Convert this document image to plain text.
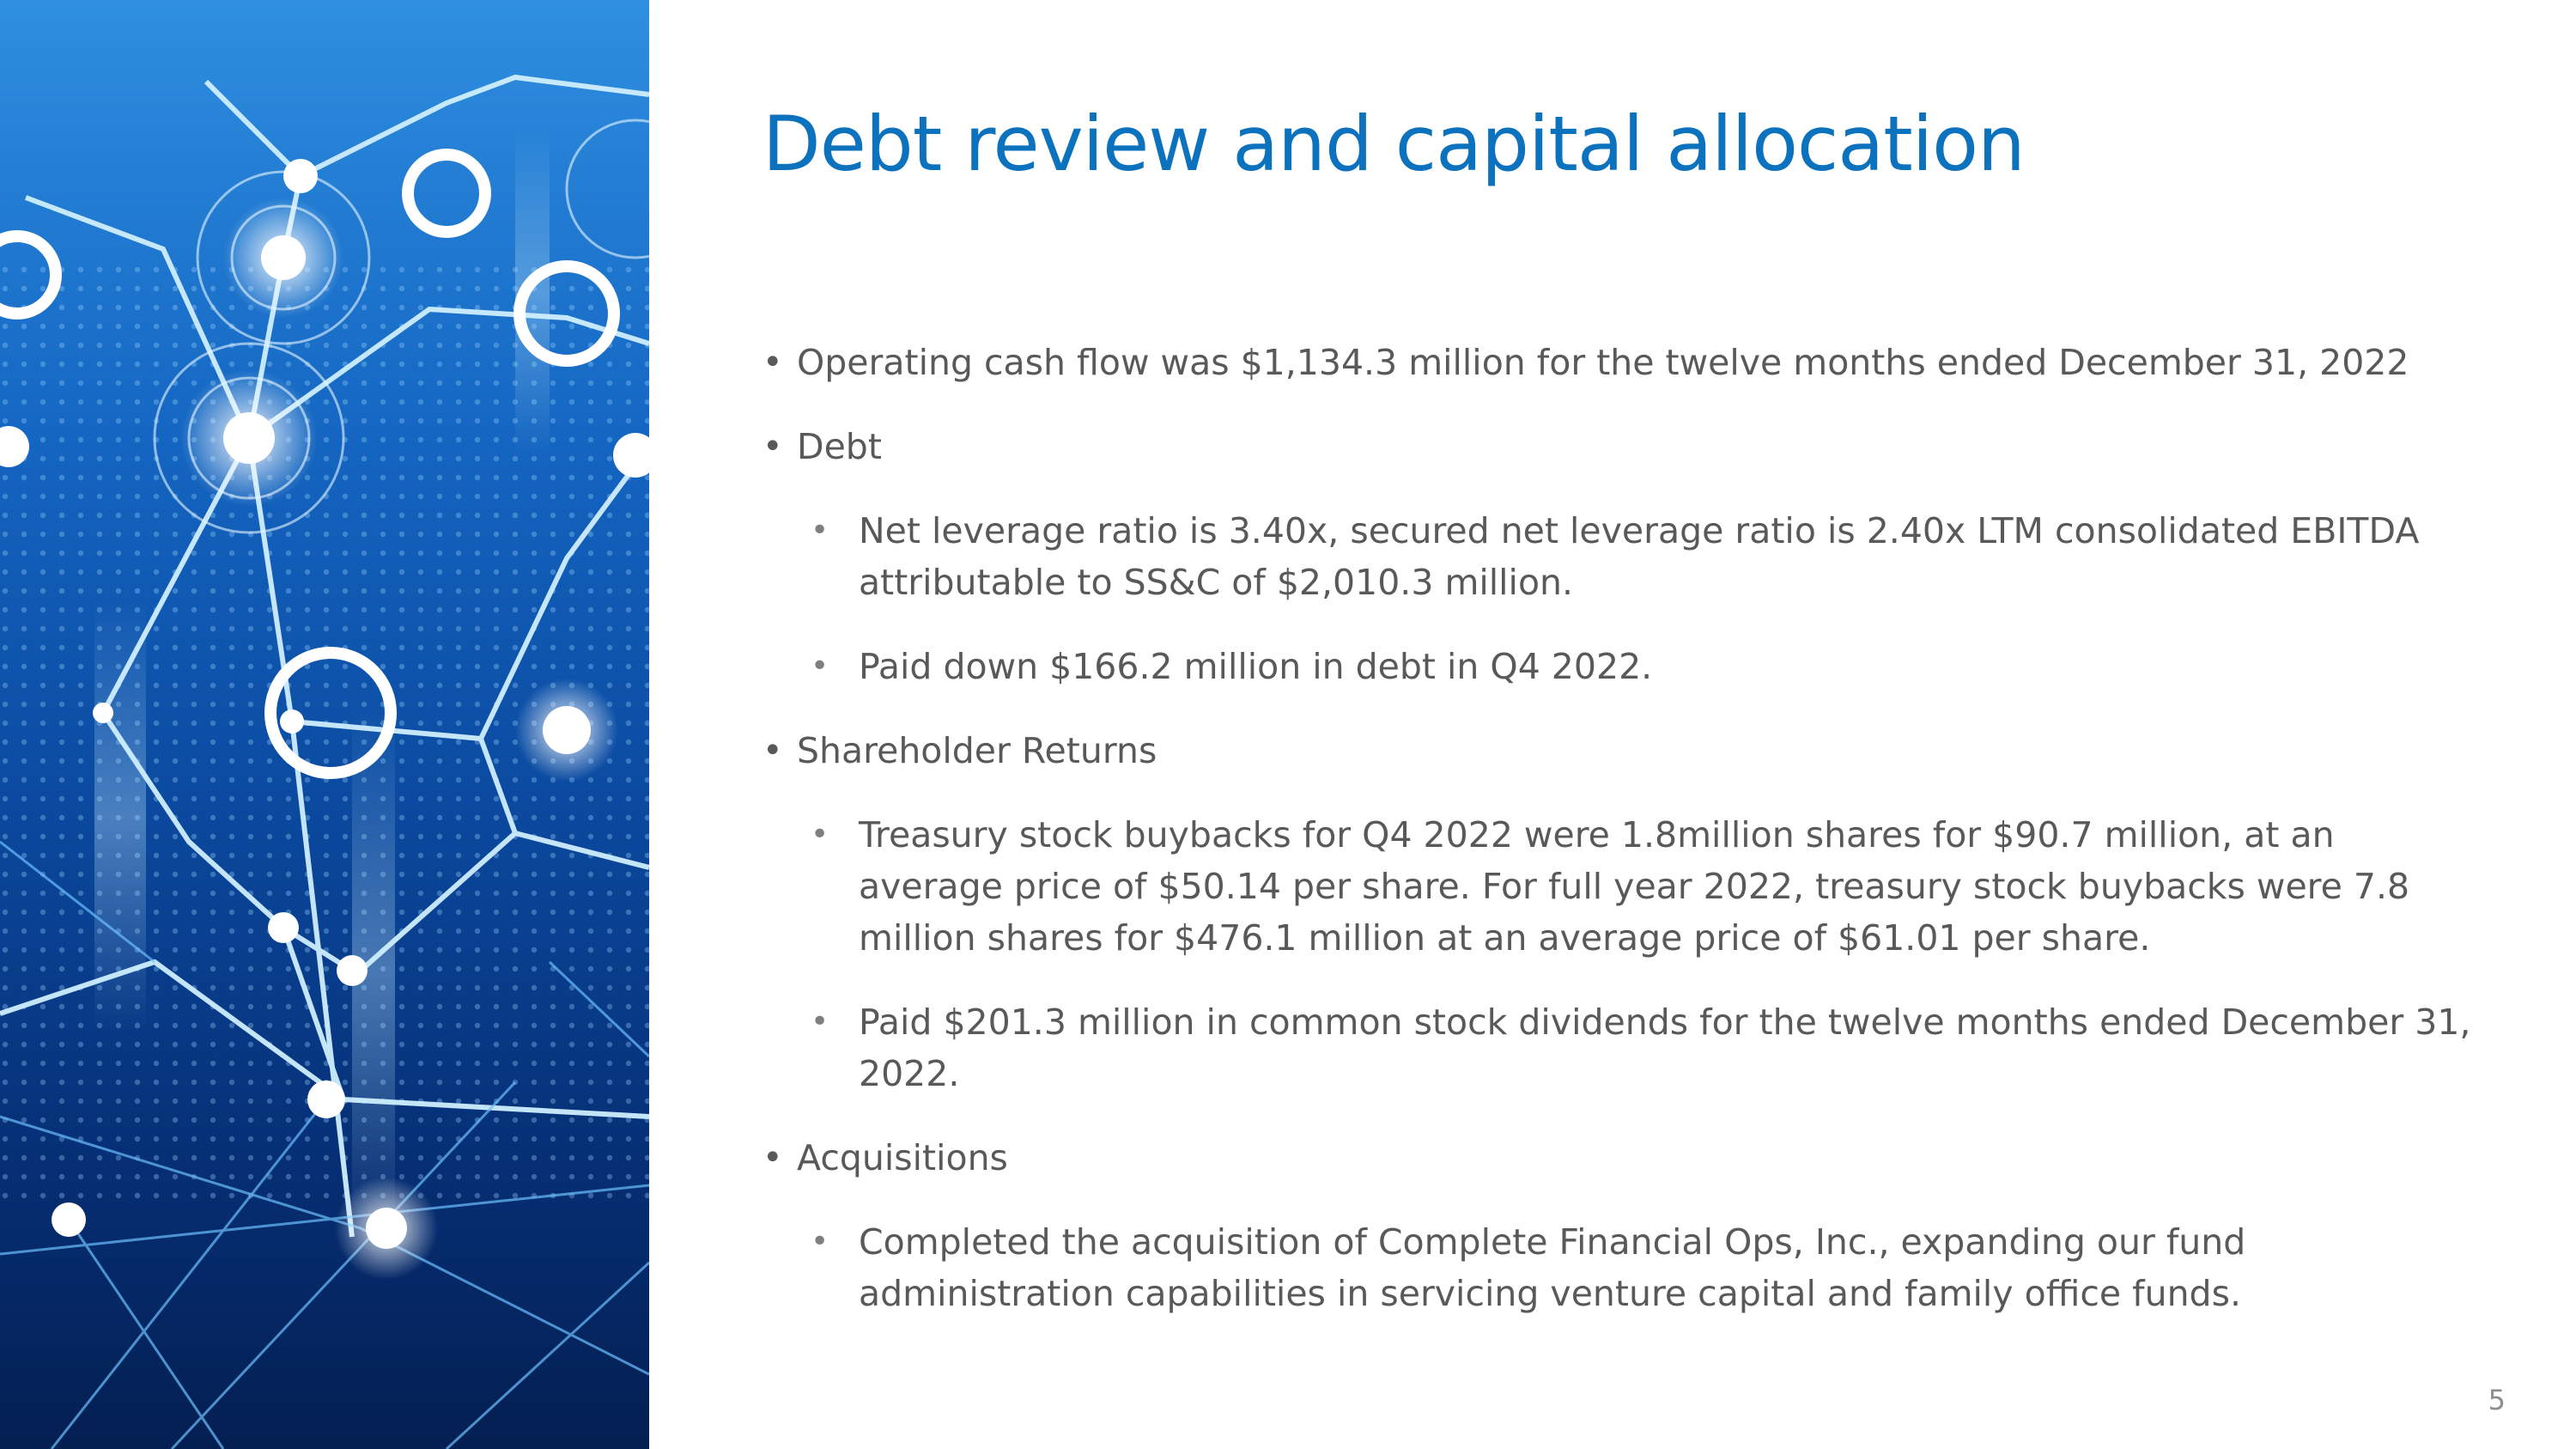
Debt review and capital allocation
• Operating cash flow was $1,134.3 million for the twelve months ended December 31, 2022
• Debt
• Net leverage ratio is 3.40x, secured net leverage ratio is 2.40x LTM consolidated EBITDA attributable to SS&C of $2,010.3 million.
• Paid down $166.2 million in debt in Q4 2022.
• Shareholder Returns
• Treasury stock buybacks for Q4 2022 were 1.8million shares for $90.7 million, at an average price of $50.14 per share. For full year 2022, treasury stock buybacks were 7.8 million shares for $476.1 million at an average price of $61.01 per share.
• Paid $201.3 million in common stock dividends for the twelve months ended December 31, 2022.
• Acquisitions
• Completed the acquisition of Complete Financial Ops, Inc., expanding our fund administration capabilities in servicing venture capital and family office funds.
5
